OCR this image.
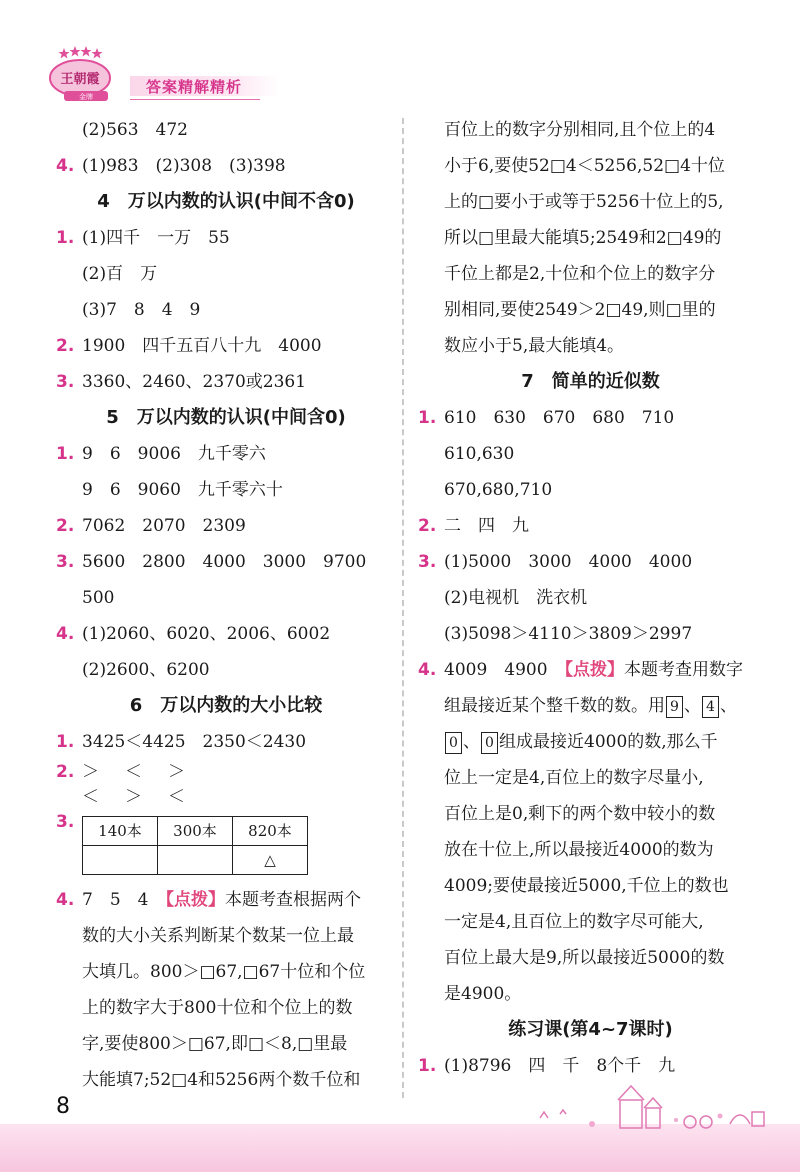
王朝霞
金牌
答案精解精析
(2)563　472
4. (1)983　(2)308　(3)398
4　万以内数的认识(中间不含0)
1. (1)四千　一万　55
(2)百　万
(3)7　8　4　9
2. 1900　四千五百八十九　4000
3. 3360、2460、2370或2361
5　万以内数的认识(中间含0)
1. 9　6　9006　九千零六
9　6　9060　九千零六十
2. 7062　2070　2309
3. 5600　2800　4000　3000　9700
500
4. (1)2060、6020、2006、6002
(2)2600、6200
6　万以内数的大小比较
1. 3425＜4425　2350＜2430
2. ＞＜＞
＜＞＜
3. 140本	300本	820本
		△
4. 7　5　4　【点拨】本题考查根据两个
数的大小关系判断某个数某一位上最
大填几。800＞□67,□67十位和个位
上的数字大于800十位和个位上的数
字,要使800＞□67,即□＜8,□里最
大能填7;52□4和5256两个数千位和
百位上的数字分别相同,且个位上的4
小于6,要使52□4＜5256,52□4十位
上的□要小于或等于5256十位上的5,
所以□里最大能填5;2549和2□49的
千位上都是2,十位和个位上的数字分
别相同,要使2549＞2□49,则□里的
数应小于5,最大能填4。
7　简单的近似数
1. 610　630　670　680　710
610,630
670,680,710
2. 二　四　九
3. (1)5000　3000　4000　4000
(2)电视机　洗衣机
(3)5098＞4110＞3809＞2997
4. 4009　4900　【点拨】本题考查用数字
组最接近某个整千数的数。用 9 、 4 、
0 、 0 组成最接近4000的数,那么千
位上一定是4,百位上的数字尽量小,
百位上是0,剩下的两个数中较小的数
放在十位上,所以最接近4000的数为
4009;要使最接近5000,千位上的数也
一定是4,且百位上的数字尽可能大,
百位上最大是9,所以最接近5000的数
是4900。
练习课(第4~7课时)
1. (1)8796　四　千　8个千　九
8
